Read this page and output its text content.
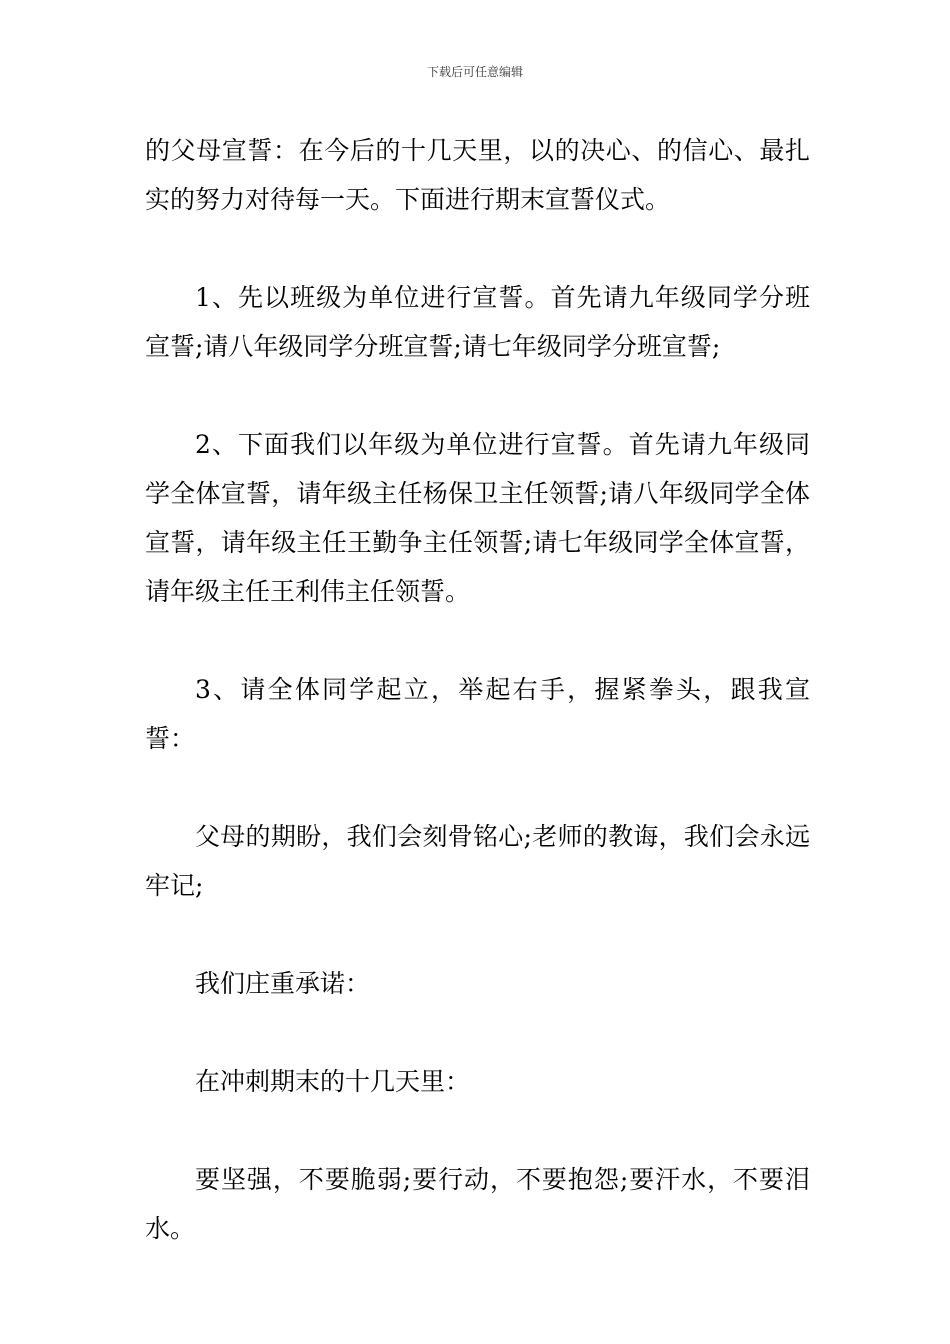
下载后可任意编辑

的父母宣誓：在今后的十几天里，以的决心、的信心、最扎实的努力对待每一天。下面进行期末宣誓仪式。

1、先以班级为单位进行宣誓。首先请九年级同学分班宣誓;请八年级同学分班宣誓;请七年级同学分班宣誓;

2、下面我们以年级为单位进行宣誓。首先请九年级同学全体宣誓，请年级主任杨保卫主任领誓;请八年级同学全体宣誓，请年级主任王勤争主任领誓;请七年级同学全体宣誓，请年级主任王利伟主任领誓。

3、请全体同学起立，举起右手，握紧拳头，跟我宣誓：

父母的期盼，我们会刻骨铭心;老师的教诲，我们会永远牢记;

我们庄重承诺：

在冲刺期末的十几天里：

要坚强，不要脆弱;要行动，不要抱怨;要汗水，不要泪水。
